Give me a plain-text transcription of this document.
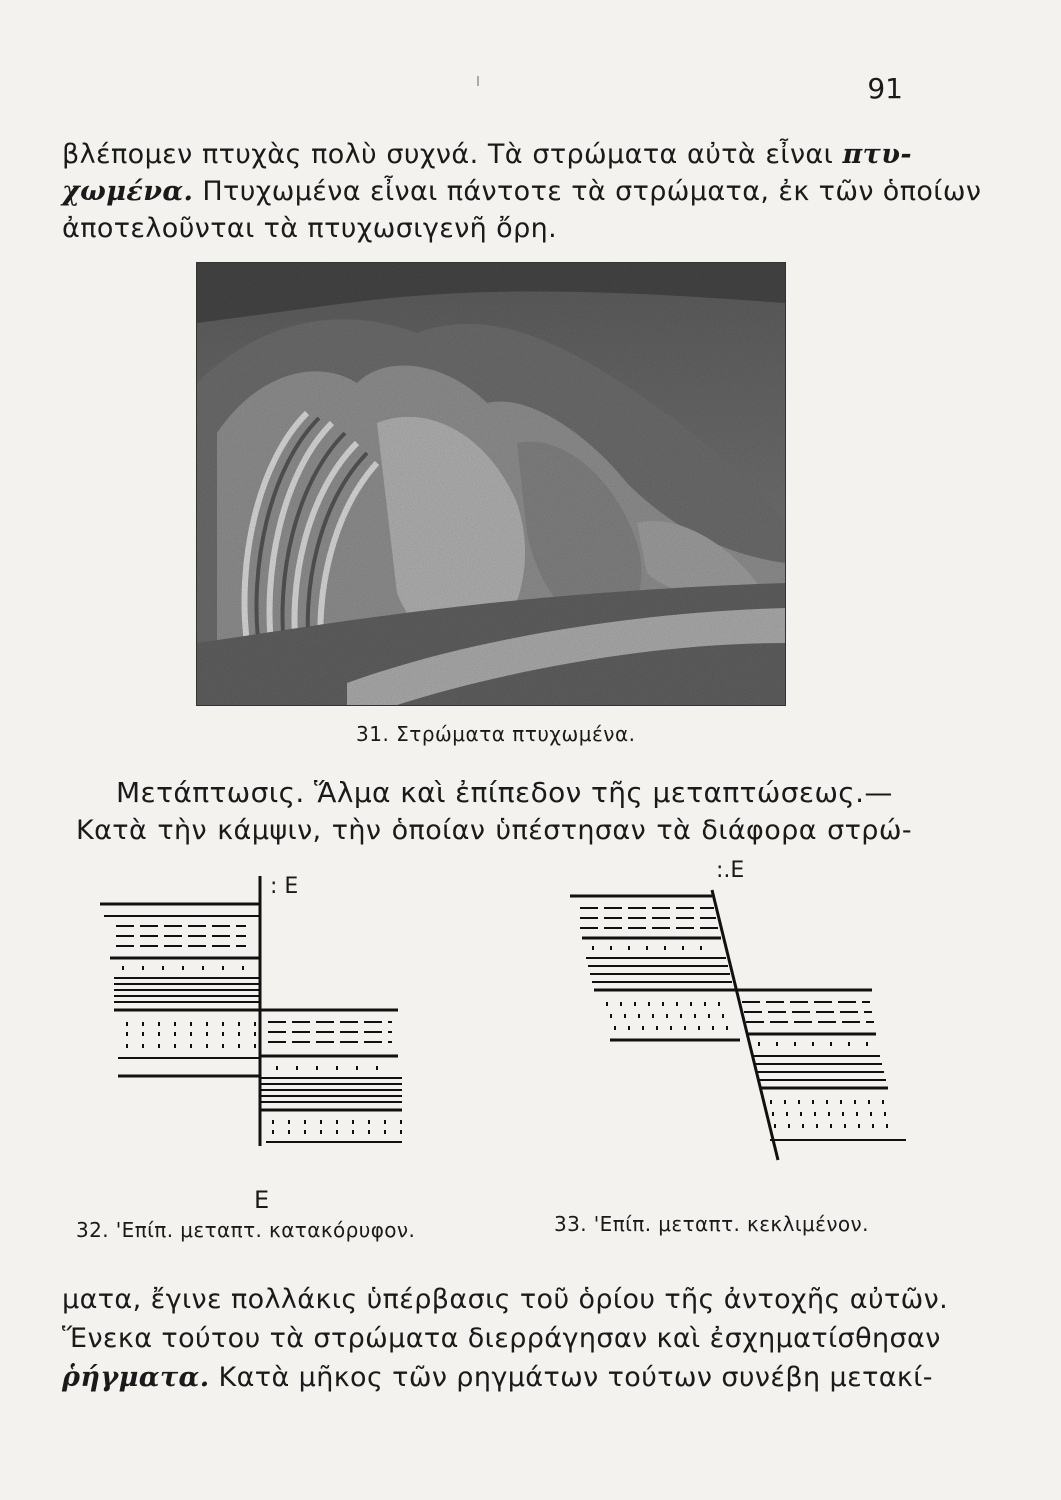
91
βλέπομεν πτυχὰς πολὺ συχνά. Τὰ στρώματα αὐτὰ εἶναι πτυ-
χωμένα. Πτυχωμένα εἶναι πάντοτε τὰ στρώματα, ἐκ τῶν ὁποίων
ἀποτελοῦνται τὰ πτυχωσιγενῆ ὄρη.
31. Στρώματα πτυχωμένα.
Μετάπτωσις. Ἅλμα καὶ ἐπίπεδον τῆς μεταπτώσεως.—
Κατὰ τὴν κάμψιν, τὴν ὁποίαν ὑπέστησαν τὰ διάφορα στρώ-
: E
E
:.E
32. 'Επίπ. μεταπτ. κατακόρυφον.	33. 'Επίπ. μεταπτ. κεκλιμένον.
ματα, ἔγινε πολλάκις ὑπέρβασις τοῦ ὁρίου τῆς ἀντοχῆς αὐτῶν.
Ἕνεκα τούτου τὰ στρώματα διερράγησαν καὶ ἐσχηματίσθησαν
ῥήγματα. Κατὰ μῆκος τῶν ρηγμάτων τούτων συνέβη μετακί-
